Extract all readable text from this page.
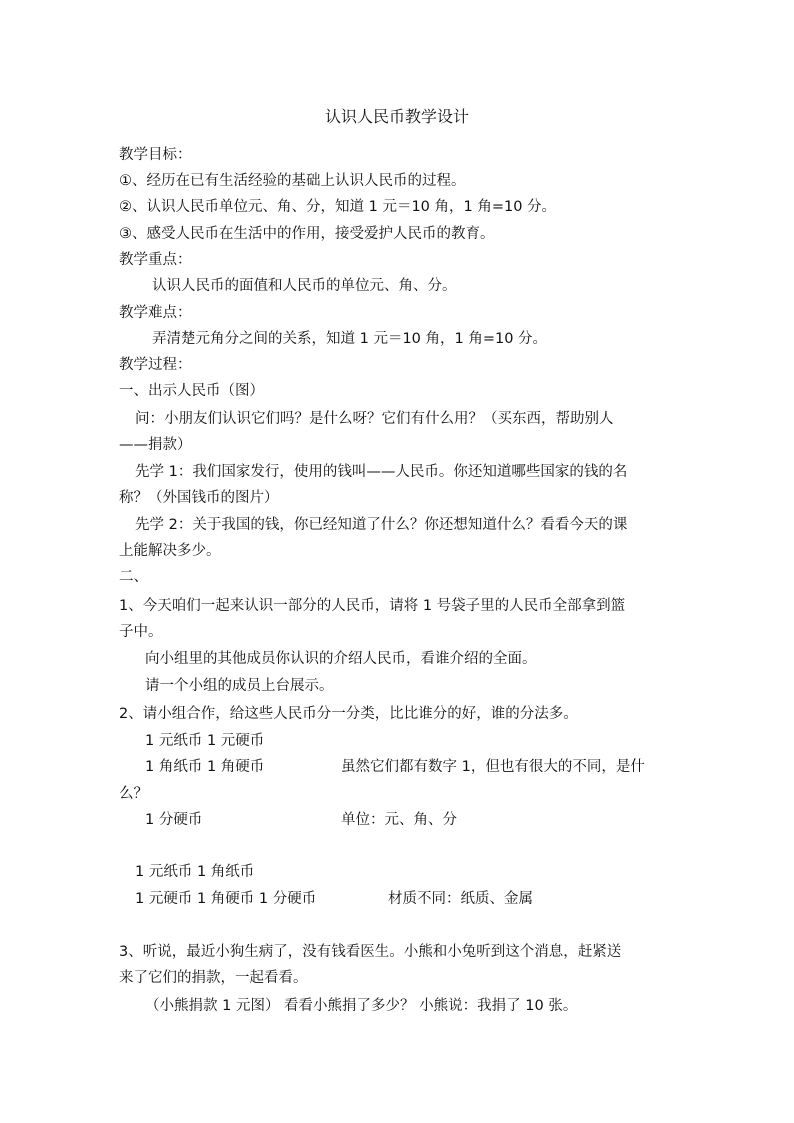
认识人民币教学设计
教学目标：
①、经历在已有生活经验的基础上认识人民币的过程。
②、认识人民币单位元、角、分，知道 1 元＝10 角，1 角=10 分。
③、感受人民币在生活中的作用，接受爱护人民币的教育。
教学重点：
认识人民币的面值和人民币的单位元、角、分。
教学难点：
弄清楚元角分之间的关系，知道 1 元＝10 角，1 角=10 分。
教学过程：
一、出示人民币（图）
问：小朋友们认识它们吗？是什么呀？它们有什么用？（买东西，帮助别人
——捐款）
先学 1：我们国家发行，使用的钱叫——人民币。你还知道哪些国家的钱的名
称？（外国钱币的图片）
先学 2：关于我国的钱，你已经知道了什么？你还想知道什么？看看今天的课
上能解决多少。
二、
1、今天咱们一起来认识一部分的人民币，请将 1 号袋子里的人民币全部拿到篮
子中。
向小组里的其他成员你认识的介绍人民币，看谁介绍的全面。
请一个小组的成员上台展示。
2、请小组合作，给这些人民币分一分类，比比谁分的好，谁的分法多。
1 元纸币 1 元硬币
1 角纸币 1 角硬币	虽然它们都有数字 1，但也有很大的不同，是什
么？
1 分硬币	单位：元、角、分
1 元纸币 1 角纸币
1 元硬币 1 角硬币 1 分硬币	材质不同：纸质、金属
3、听说，最近小狗生病了，没有钱看医生。小熊和小兔听到这个消息，赶紧送
来了它们的捐款，一起看看。
（小熊捐款 1 元图） 看看小熊捐了多少？ 小熊说：我捐了 10 张。
